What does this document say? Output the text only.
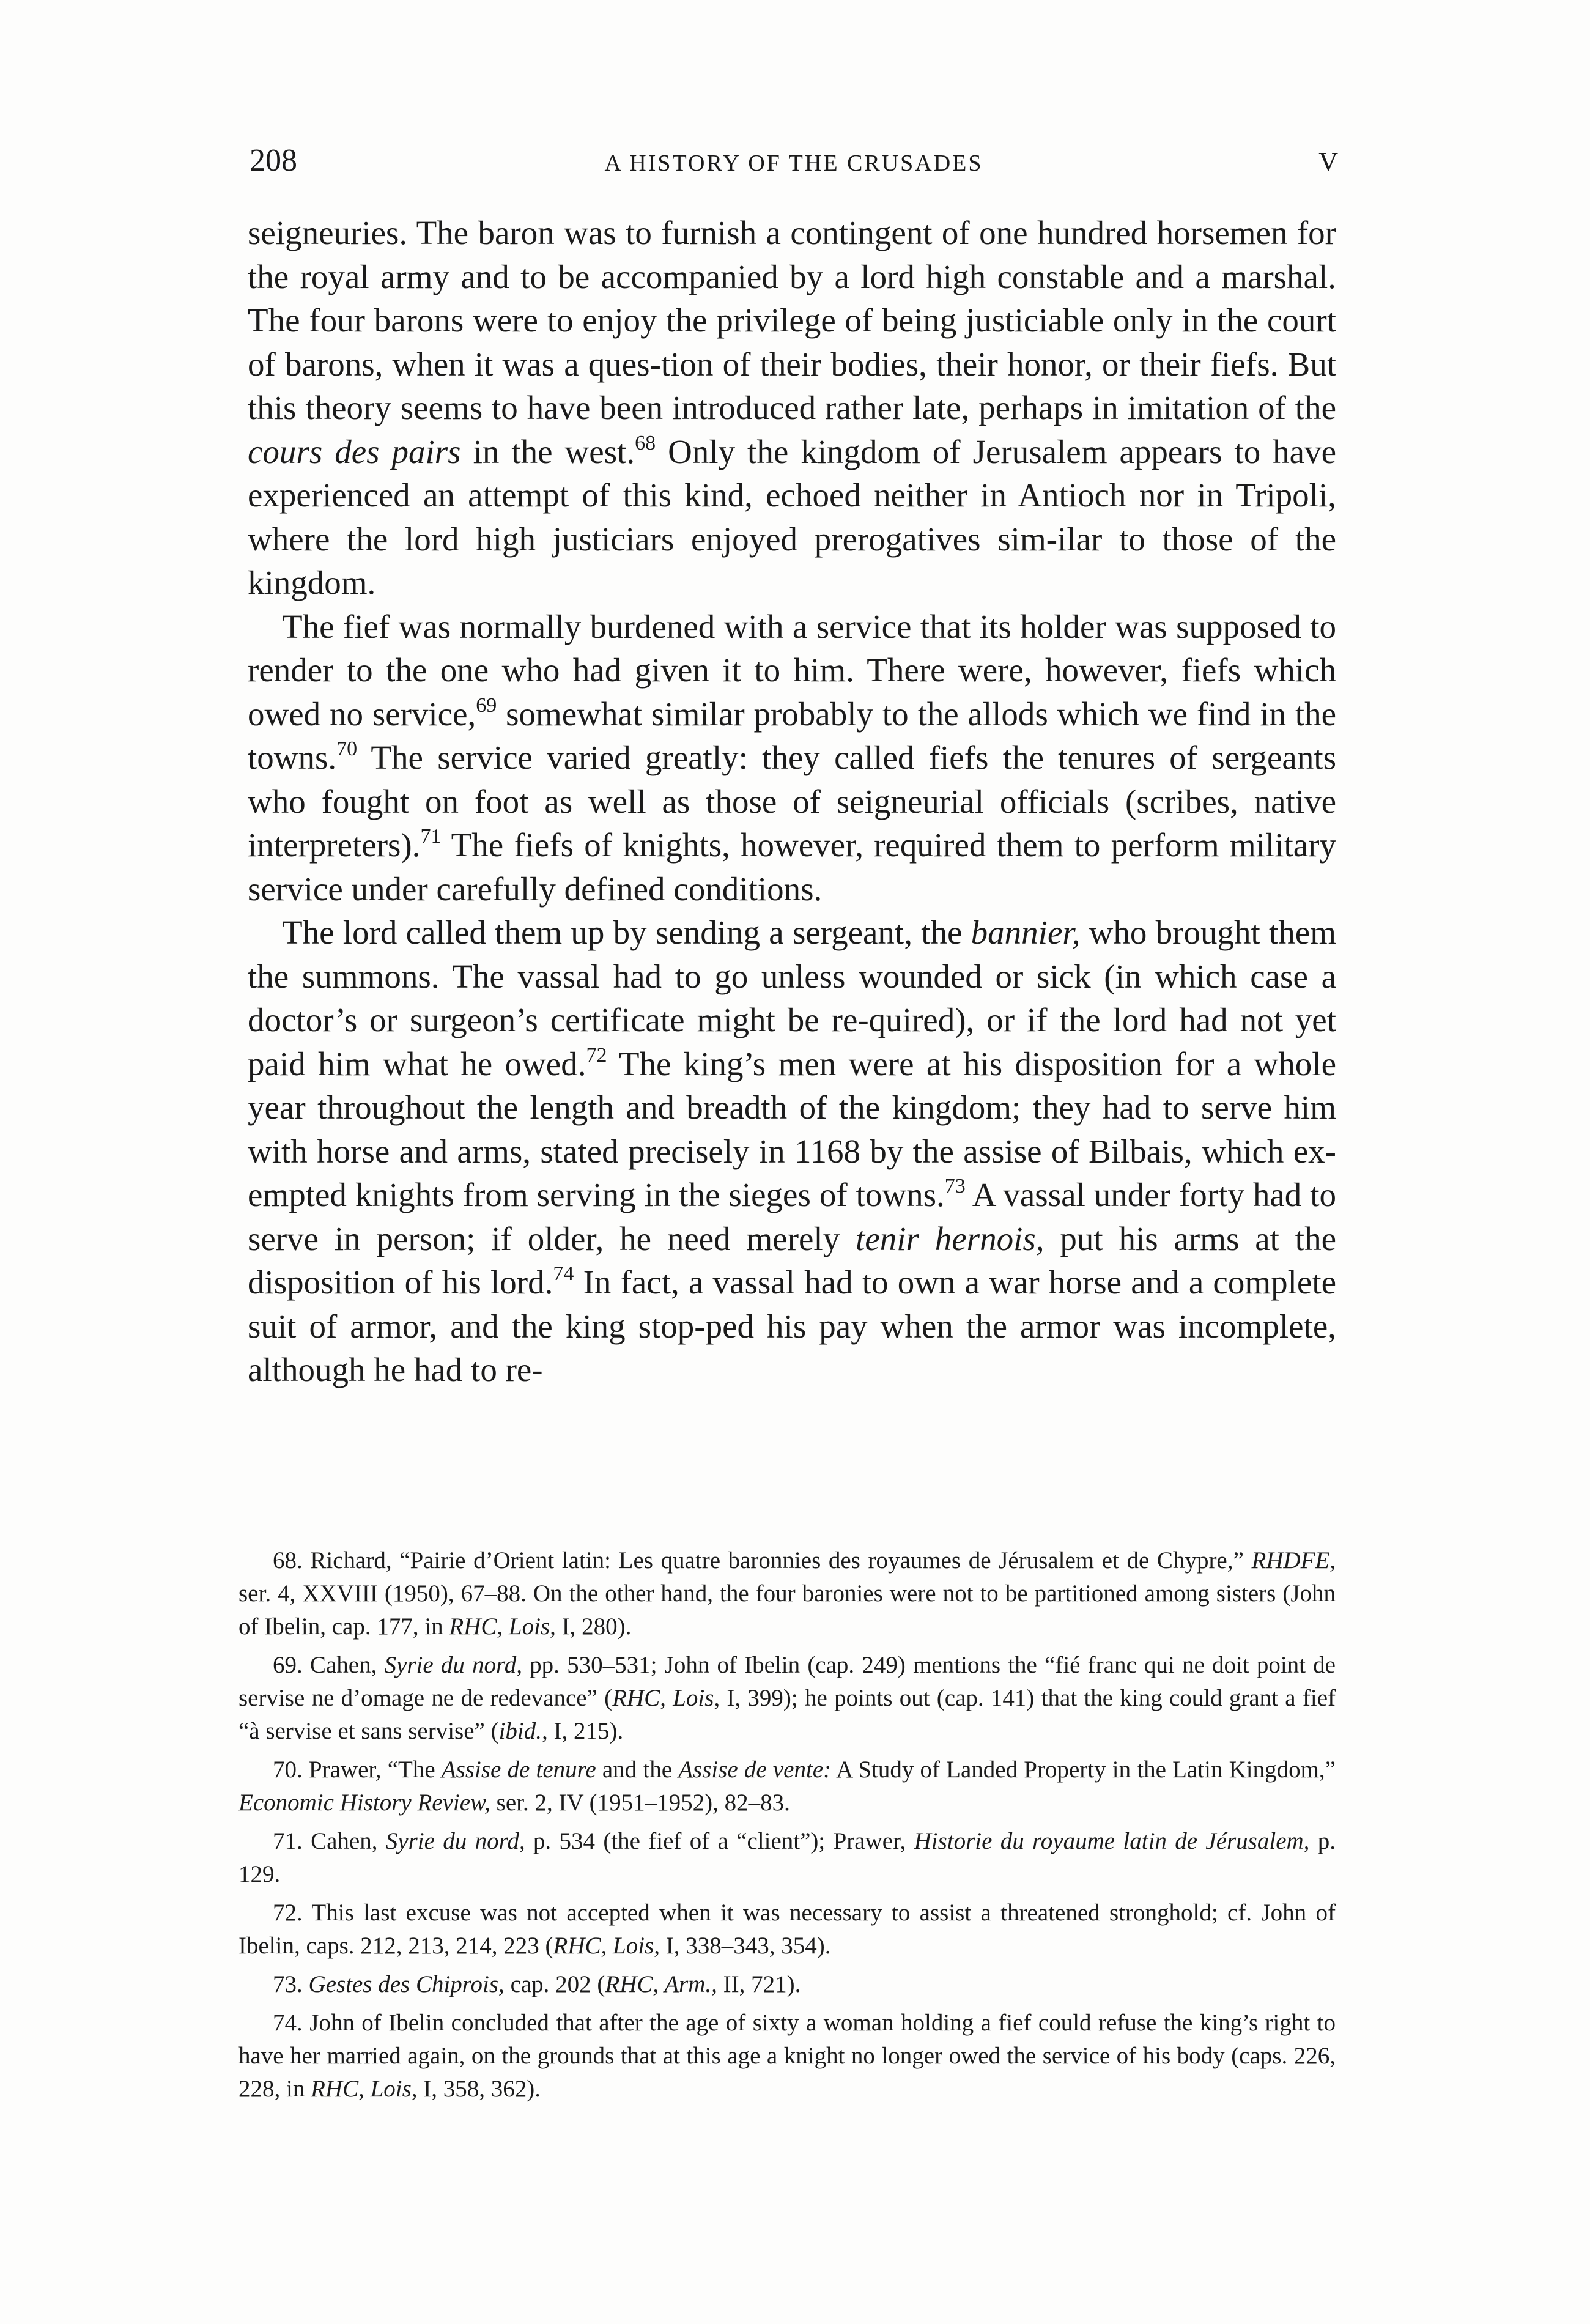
208	A HISTORY OF THE CRUSADES	V

seigneuries. The baron was to furnish a contingent of one hundred horsemen for the royal army and to be accompanied by a lord high constable and a marshal. The four barons were to enjoy the privilege of being justiciable only in the court of barons, when it was a ques-tion of their bodies, their honor, or their fiefs. But this theory seems to have been introduced rather late, perhaps in imitation of the cours des pairs in the west.$^{68}$ Only the kingdom of Jerusalem appears to have experienced an attempt of this kind, echoed neither in Antioch nor in Tripoli, where the lord high justiciars enjoyed prerogatives sim-ilar to those of the kingdom.

The fief was normally burdened with a service that its holder was supposed to render to the one who had given it to him. There were, however, fiefs which owed no service,$^{69}$ somewhat similar probably to the allods which we find in the towns.$^{70}$ The service varied greatly: they called fiefs the tenures of sergeants who fought on foot as well as those of seigneurial officials (scribes, native interpreters).$^{71}$ The fiefs of knights, however, required them to perform military service under carefully defined conditions.

The lord called them up by sending a sergeant, the bannier, who brought them the summons. The vassal had to go unless wounded or sick (in which case a doctor’s or surgeon’s certificate might be re-quired), or if the lord had not yet paid him what he owed.$^{72}$ The king’s men were at his disposition for a whole year throughout the length and breadth of the kingdom; they had to serve him with horse and arms, stated precisely in 1168 by the assise of Bilbais, which ex-empted knights from serving in the sieges of towns.$^{73}$ A vassal under forty had to serve in person; if older, he need merely tenir hernois, put his arms at the disposition of his lord.$^{74}$ In fact, a vassal had to own a war horse and a complete suit of armor, and the king stop-ped his pay when the armor was incomplete, although he had to re-

68. Richard, “Pairie d’Orient latin: Les quatre baronnies des royaumes de Jérusalem et de Chypre,” RHDFE, ser. 4, XXVIII (1950), 67–88. On the other hand, the four baronies were not to be partitioned among sisters (John of Ibelin, cap. 177, in RHC, Lois, I, 280).

69. Cahen, Syrie du nord, pp. 530–531; John of Ibelin (cap. 249) mentions the “fié franc qui ne doit point de servise ne d’omage ne de redevance” (RHC, Lois, I, 399); he points out (cap. 141) that the king could grant a fief “à servise et sans servise” (ibid., I, 215).

70. Prawer, “The Assise de tenure and the Assise de vente: A Study of Landed Property in the Latin Kingdom,” Economic History Review, ser. 2, IV (1951–1952), 82–83.

71. Cahen, Syrie du nord, p. 534 (the fief of a “client”); Prawer, Historie du royaume latin de Jérusalem, p. 129.

72. This last excuse was not accepted when it was necessary to assist a threatened stronghold; cf. John of Ibelin, caps. 212, 213, 214, 223 (RHC, Lois, I, 338–343, 354).

73. Gestes des Chiprois, cap. 202 (RHC, Arm., II, 721).

74. John of Ibelin concluded that after the age of sixty a woman holding a fief could refuse the king’s right to have her married again, on the grounds that at this age a knight no longer owed the service of his body (caps. 226, 228, in RHC, Lois, I, 358, 362).
